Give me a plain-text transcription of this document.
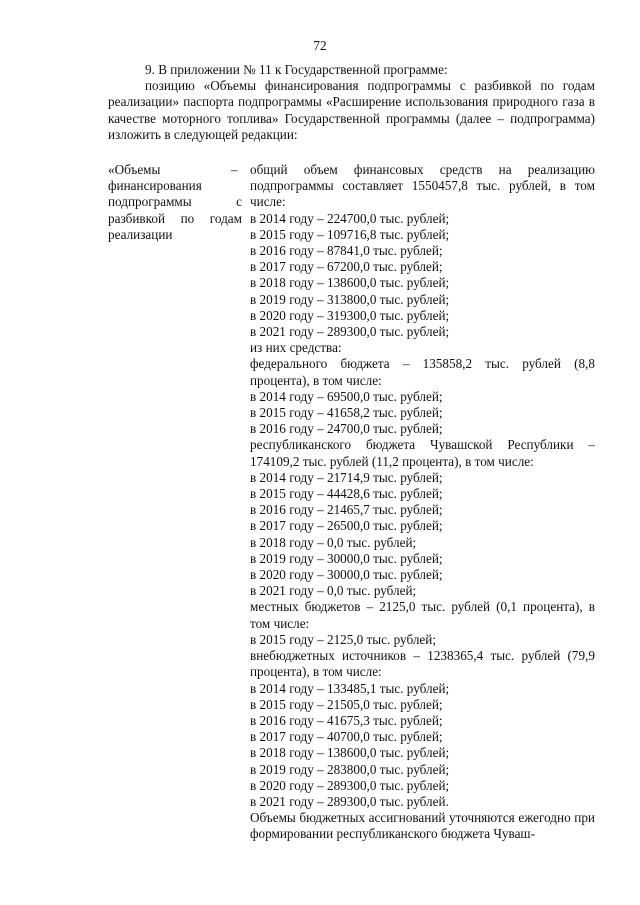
72
9. В приложении № 11 к Государственной программе:
позицию «Объемы финансирования подпрограммы с разбивкой по годам реализации» паспорта подпрограммы «Расширение использования природного газа в качестве моторного топлива» Государственной программы (далее – подпрограмма) изложить в следующей редакции:
«Объемы финансирования подпрограммы с разбивкой по годам реализации
– общий объем финансовых средств на реализацию подпрограммы составляет 1550457,8 тыс. рублей, в том числе:
в 2014 году – 224700,0 тыс. рублей;
в 2015 году – 109716,8 тыс. рублей;
в 2016 году – 87841,0 тыс. рублей;
в 2017 году – 67200,0 тыс. рублей;
в 2018 году – 138600,0 тыс. рублей;
в 2019 году – 313800,0 тыс. рублей;
в 2020 году – 319300,0 тыс. рублей;
в 2021 году – 289300,0 тыс. рублей;
из них средства:
федерального бюджета – 135858,2 тыс. рублей (8,8 процента), в том числе:
в 2014 году – 69500,0 тыс. рублей;
в 2015 году – 41658,2 тыс. рублей;
в 2016 году – 24700,0 тыс. рублей;
республиканского бюджета Чувашской Республики – 174109,2 тыс. рублей (11,2 процента), в том числе:
в 2014 году – 21714,9 тыс. рублей;
в 2015 году – 44428,6 тыс. рублей;
в 2016 году – 21465,7 тыс. рублей;
в 2017 году – 26500,0 тыс. рублей;
в 2018 году – 0,0 тыс. рублей;
в 2019 году – 30000,0 тыс. рублей;
в 2020 году – 30000,0 тыс. рублей;
в 2021 году – 0,0 тыс. рублей;
местных бюджетов – 2125,0 тыс. рублей (0,1 процента), в том числе:
в 2015 году – 2125,0 тыс. рублей;
внебюджетных источников – 1238365,4 тыс. рублей (79,9 процента), в том числе:
в 2014 году – 133485,1 тыс. рублей;
в 2015 году – 21505,0 тыс. рублей;
в 2016 году – 41675,3 тыс. рублей;
в 2017 году – 40700,0 тыс. рублей;
в 2018 году – 138600,0 тыс. рублей;
в 2019 году – 283800,0 тыс. рублей;
в 2020 году – 289300,0 тыс. рублей;
в 2021 году – 289300,0 тыс. рублей.
Объемы бюджетных ассигнований уточняются ежегодно при формировании республиканского бюджета Чуваш-
